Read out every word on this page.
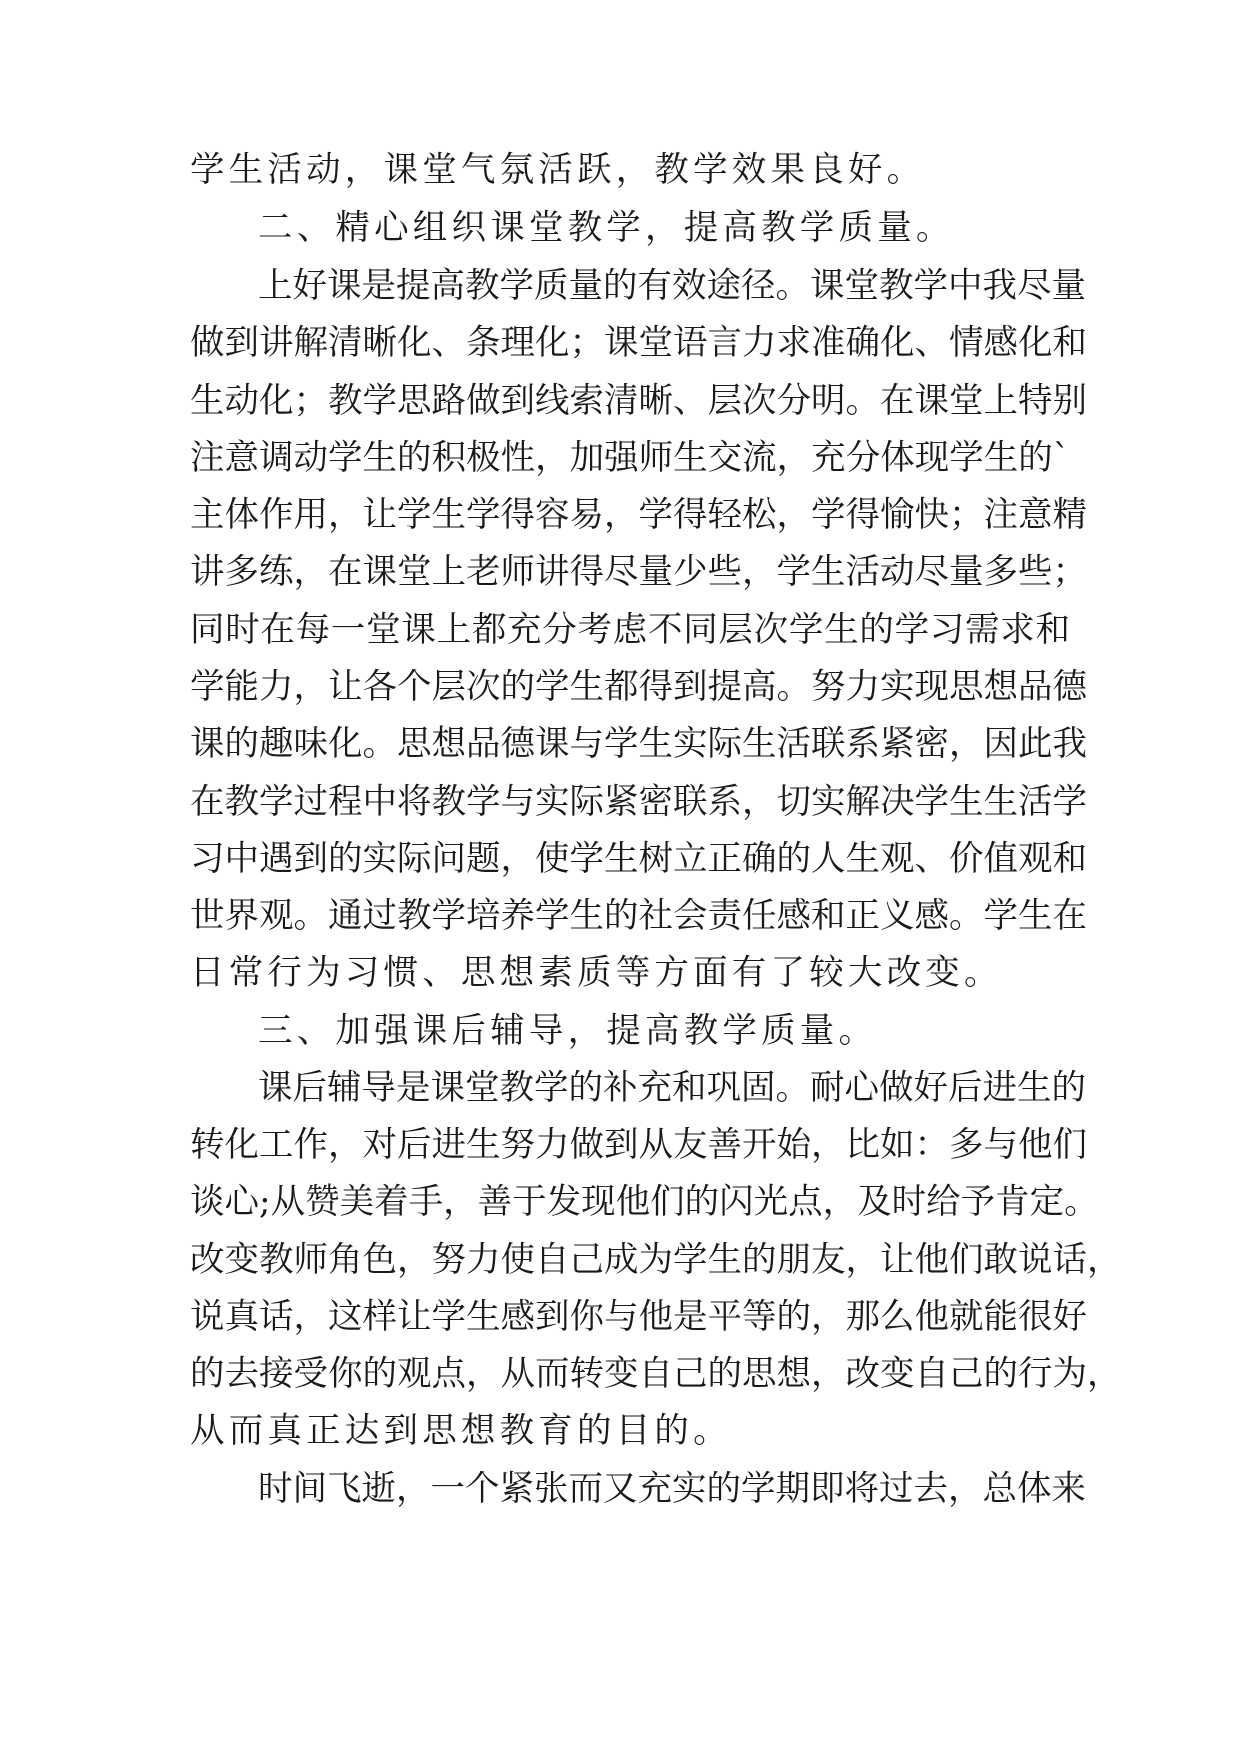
学生活动，课堂气氛活跃，教学效果良好。
二、精心组织课堂教学，提高教学质量。
上好课是提高教学质量的有效途径。课堂教学中我尽量
做到讲解清晰化、条理化；课堂语言力求准确化、情感化和
生动化；教学思路做到线索清晰、层次分明。在课堂上特别
注意调动学生的积极性，加强师生交流，充分体现学生的`
主体作用，让学生学得容易，学得轻松，学得愉快；注意精
讲多练，在课堂上老师讲得尽量少些，学生活动尽量多些；
同时在每一堂课上都充分考虑不同层次学生的学习需求和
学能力，让各个层次的学生都得到提高。努力实现思想品德
课的趣味化。思想品德课与学生实际生活联系紧密，因此我
在教学过程中将教学与实际紧密联系，切实解决学生生活学
习中遇到的实际问题，使学生树立正确的人生观、价值观和
世界观。通过教学培养学生的社会责任感和正义感。学生在
日常行为习惯、思想素质等方面有了较大改变。
三、加强课后辅导，提高教学质量。
课后辅导是课堂教学的补充和巩固。耐心做好后进生的
转化工作，对后进生努力做到从友善开始，比如：多与他们
谈心;从赞美着手，善于发现他们的闪光点，及时给予肯定。
改变教师角色，努力使自己成为学生的朋友，让他们敢说话，
说真话，这样让学生感到你与他是平等的，那么他就能很好
的去接受你的观点，从而转变自己的思想，改变自己的行为，
从而真正达到思想教育的目的。
时间飞逝，一个紧张而又充实的学期即将过去，总体来
